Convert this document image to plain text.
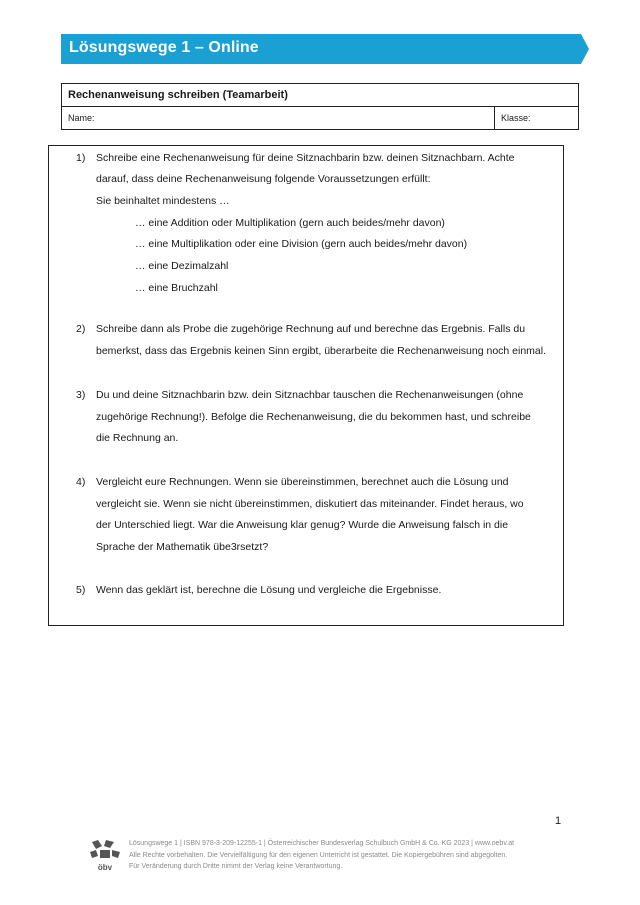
Lösungswege 1 – Online
Rechenanweisung schreiben (Teamarbeit)
Name:	Klasse:
1)	Schreibe eine Rechenanweisung für deine Sitznachbarin bzw. deinen Sitznachbarn. Achte
darauf, dass deine Rechenanweisung folgende Voraussetzungen erfüllt:
Sie beinhaltet mindestens …
… eine Addition oder Multiplikation (gern auch beides/mehr davon)
… eine Multiplikation oder eine Division (gern auch beides/mehr davon)
… eine Dezimalzahl
… eine Bruchzahl
2)	Schreibe dann als Probe die zugehörige Rechnung auf und berechne das Ergebnis. Falls du
bemerkst, dass das Ergebnis keinen Sinn ergibt, überarbeite die Rechenanweisung noch einmal.
3)	Du und deine Sitznachbarin bzw. dein Sitznachbar tauschen die Rechenanweisungen (ohne
zugehörige Rechnung!). Befolge die Rechenanweisung, die du bekommen hast, und schreibe
die Rechnung an.
4)	Vergleicht eure Rechnungen. Wenn sie übereinstimmen, berechnet auch die Lösung und
vergleicht sie. Wenn sie nicht übereinstimmen, diskutiert das miteinander. Findet heraus, wo
der Unterschied liegt. War die Anweisung klar genug? Wurde die Anweisung falsch in die
Sprache der Mathematik übe3rsetzt?
5)	Wenn das geklärt ist, berechne die Lösung und vergleiche die Ergebnisse.
1
öbv
Lösungswege 1 | ISBN 978-3-209-12255-1 | Österreichischer Bundesverlag Schulbuch GmbH & Co. KG 2023 | www.oebv.at
Alle Rechte vorbehalten. Die Vervielfältigung für den eigenen Unterricht ist gestattet. Die Kopiergebühren sind abgegolten.
Für Veränderung durch Dritte nimmt der Verlag keine Verantwortung.
